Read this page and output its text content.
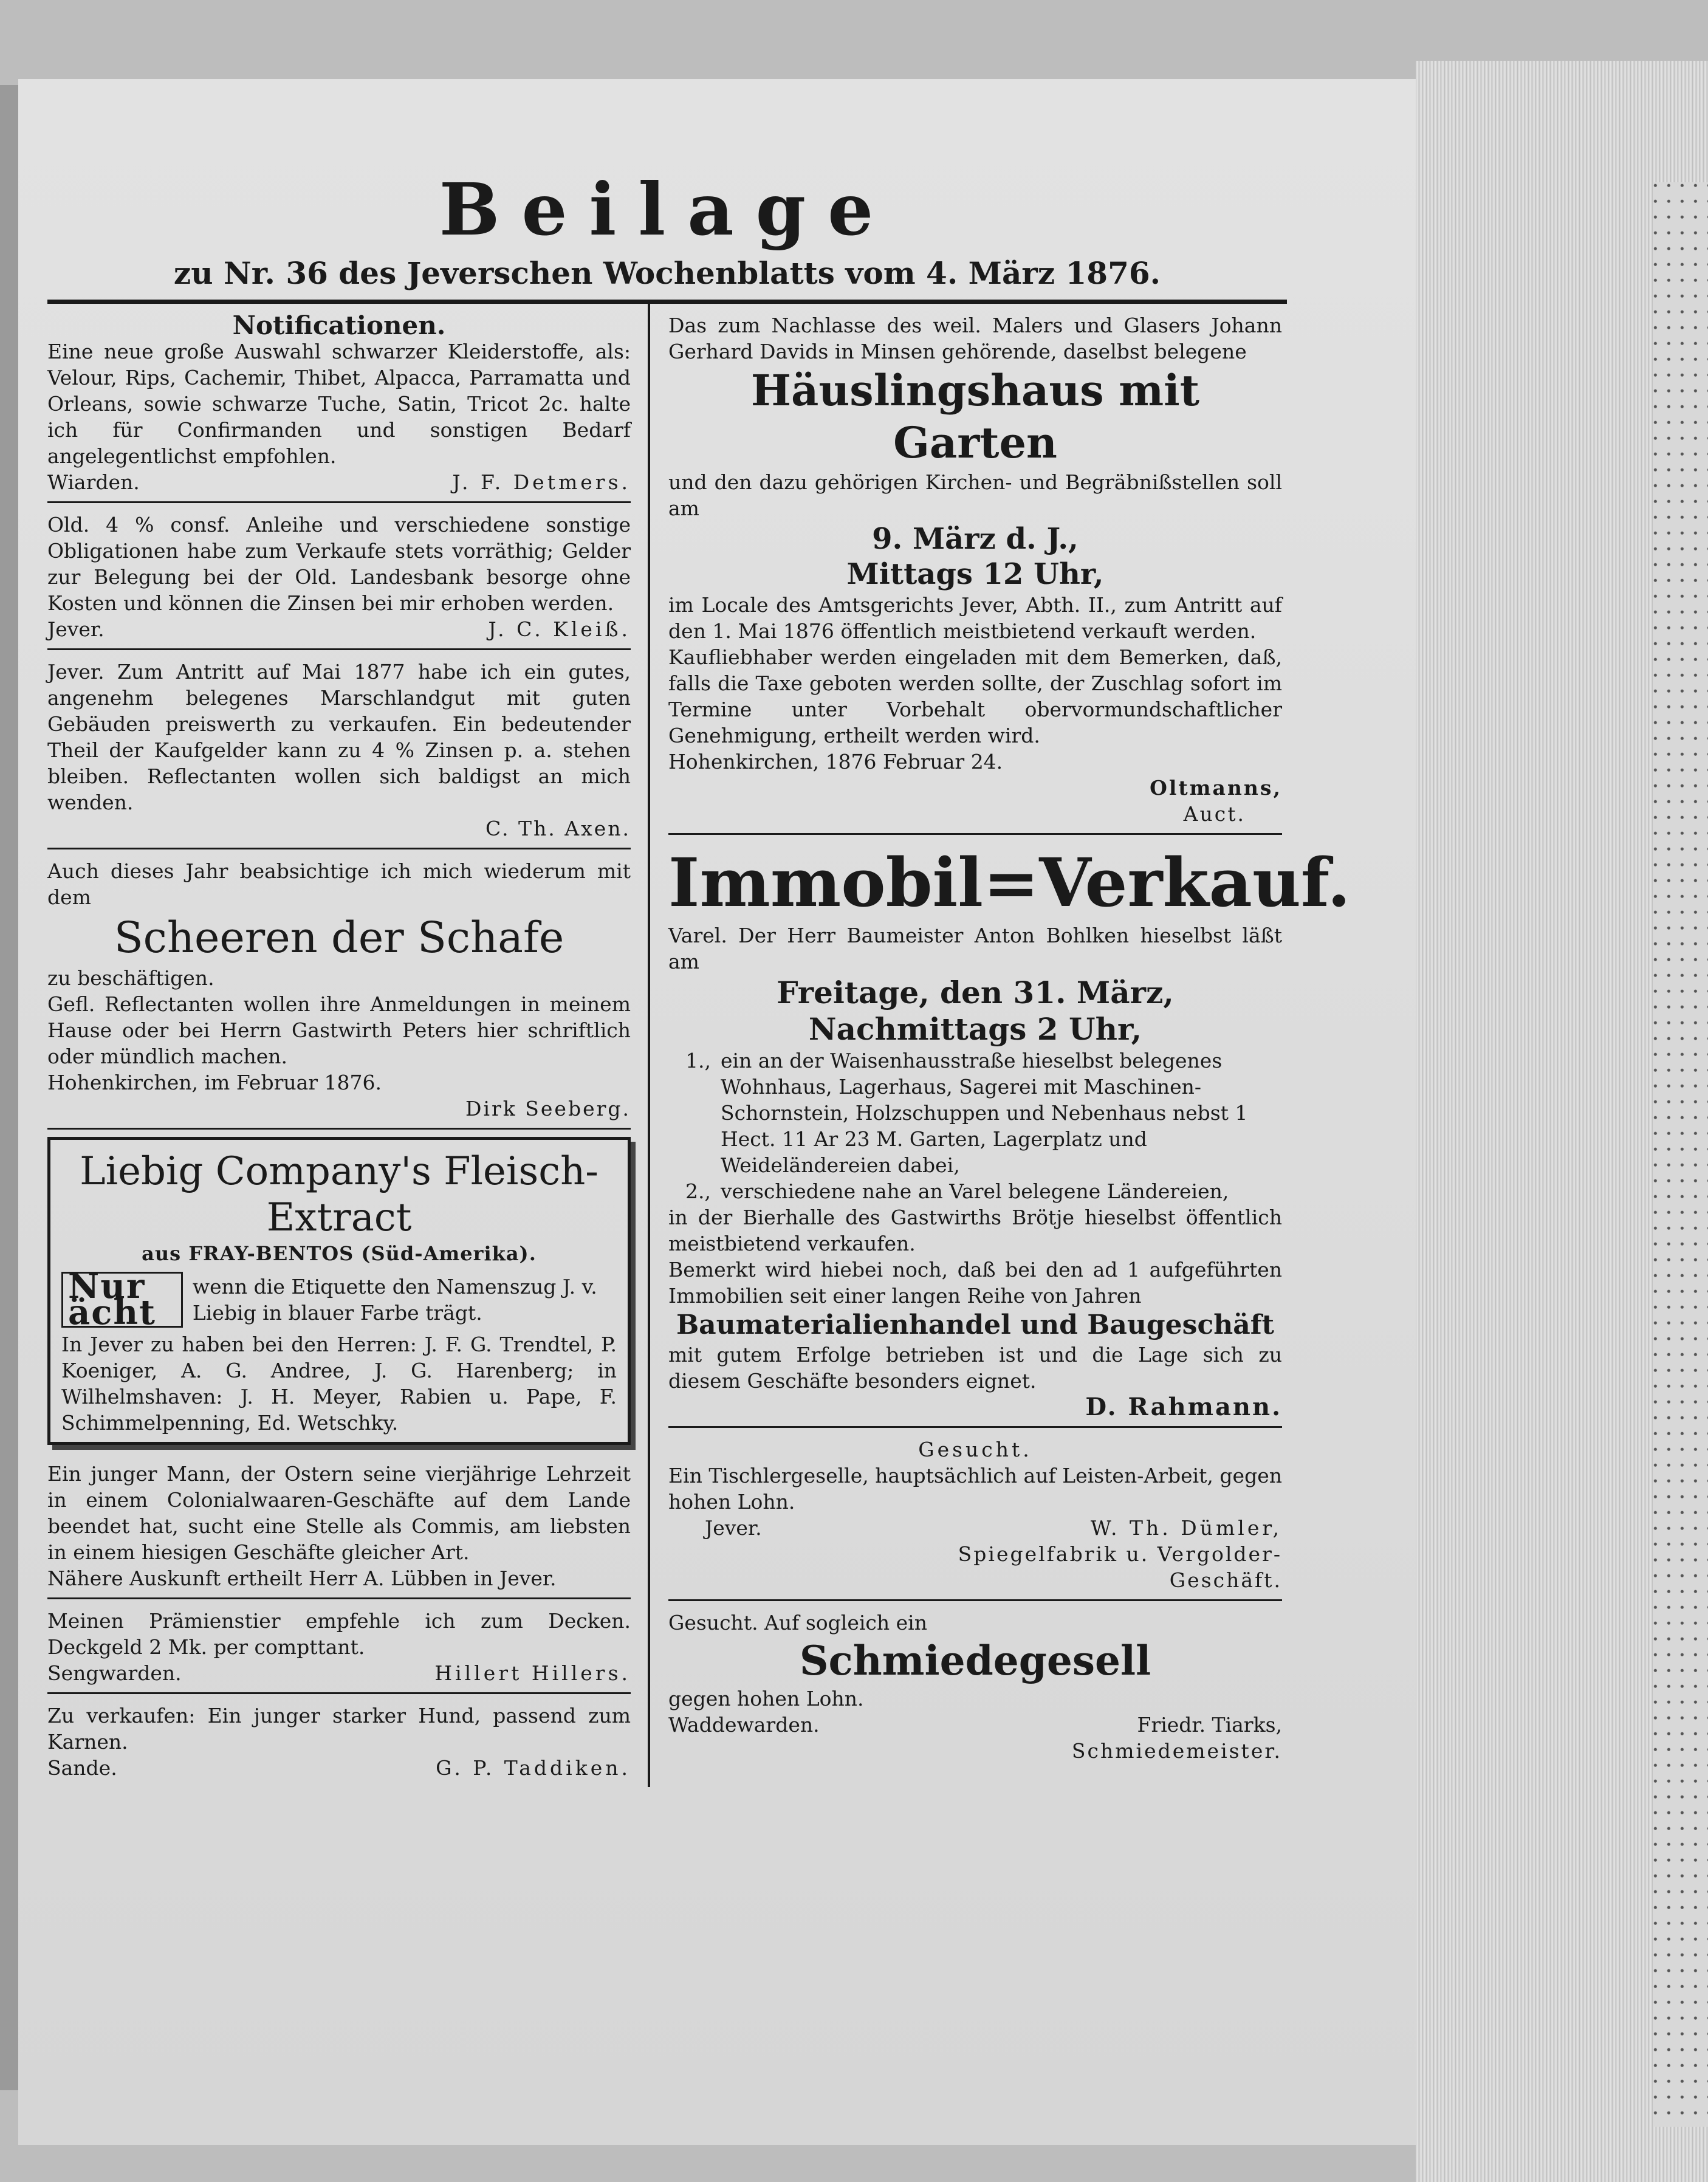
Beilage
zu Nr. 36 des Jeverschen Wochenblatts vom 4. März 1876.
Notificationen.

Eine neue große Auswahl schwarzer Kleiderstoffe, als: Velour, Rips, Cachemir, Thibet, Alpacca, Parramatta und Orleans, sowie schwarze Tuche, Satin, Tricot 2c. halte ich für Confirmanden und sonstigen Bedarf angelegentlichst empfohlen.

Wiarden.	J. F. Detmers.

Old. 4 % consf. Anleihe und verschiedene sonstige Obligationen habe zum Verkaufe stets vorräthig; Gelder zur Belegung bei der Old. Landesbank besorge ohne Kosten und können die Zinsen bei mir erhoben werden.

Jever.	J. C. Kleiß.

Jever. Zum Antritt auf Mai 1877 habe ich ein gutes, angenehm belegenes Marschlandgut mit guten Gebäuden preiswerth zu verkaufen. Ein bedeutender Theil der Kaufgelder kann zu 4 % Zinsen p. a. stehen bleiben. Reflectanten wollen sich baldigst an mich wenden.

C. Th. Axen.

Auch dieses Jahr beabsichtige ich mich wiederum mit dem

Scheeren der Schafe

zu beschäftigen.

Gefl. Reflectanten wollen ihre Anmeldungen in meinem Hause oder bei Herrn Gastwirth Peters hier schriftlich oder mündlich machen.

Hohenkirchen, im Februar 1876.

Dirk Seeberg.
Liebig Company's Fleisch-
Extract
aus FRAY-BENTOS (Süd-Amerika).
Nur ächt
wenn die Etiquette den Namenszug J. v. Liebig in blauer Farbe trägt.

In Jever zu haben bei den Herren: J. F. G. Trendtel, P. Koeniger, A. G. Andree, J. G. Harenberg; in Wilhelmshaven: J. H. Meyer, Rabien u. Pape, F. Schimmelpenning, Ed. Wetschky.

Ein junger Mann, der Ostern seine vierjährige Lehrzeit in einem Colonialwaaren-Geschäfte auf dem Lande beendet hat, sucht eine Stelle als Commis, am liebsten in einem hiesigen Geschäfte gleicher Art.

Nähere Auskunft ertheilt Herr A. Lübben in Jever.

Meinen Prämienstier empfehle ich zum Decken. Deckgeld 2 Mk. per compttant.

Sengwarden.	Hillert Hillers.

Zu verkaufen: Ein junger starker Hund, passend zum Karnen.

Sande.	G. P. Taddiken.

Das zum Nachlasse des weil. Malers und Glasers Johann Gerhard Davids in Minsen gehörende, daselbst belegene

Häuslingshaus mit Garten

und den dazu gehörigen Kirchen- und Begräbnißstellen soll am

9. März d. J.,
Mittags 12 Uhr,

im Locale des Amtsgerichts Jever, Abth. II., zum Antritt auf den 1. Mai 1876 öffentlich meistbietend verkauft werden.

Kaufliebhaber werden eingeladen mit dem Bemerken, daß, falls die Taxe geboten werden sollte, der Zuschlag sofort im Termine unter Vorbehalt obervormundschaftlicher Genehmigung, ertheilt werden wird.

Hohenkirchen, 1876 Februar 24.

Oltmanns,
Auct.
Immobil=Verkauf.

Varel. Der Herr Baumeister Anton Bohlken hieselbst läßt am

Freitage, den 31. März,
Nachmittags 2 Uhr,
1., ein an der Waisenhausstraße hieselbst belegenes Wohnhaus, Lagerhaus, Sagerei mit Maschinen-Schornstein, Holzschuppen und Nebenhaus nebst 1 Hect. 11 Ar 23 M. Garten, Lagerplatz und Weideländereien dabei,
2., verschiedene nahe an Varel belegene Ländereien,

in der Bierhalle des Gastwirths Brötje hieselbst öffentlich meistbietend verkaufen.

Bemerkt wird hiebei noch, daß bei den ad 1 aufgeführten Immobilien seit einer langen Reihe von Jahren

Baumaterialienhandel und Baugeschäft

mit gutem Erfolge betrieben ist und die Lage sich zu diesem Geschäfte besonders eignet.

D. Rahmann.
Gesucht.

Ein Tischlergeselle, hauptsächlich auf Leisten-Arbeit, gegen hohen Lohn.

Jever.	W. Th. Dümler,
Spiegelfabrik u. Vergolder-
Geschäft.

Gesucht. Auf sogleich ein

Schmiedegesell

gegen hohen Lohn.

Waddewarden.	Friedr. Tiarks,
Schmiedemeister.
